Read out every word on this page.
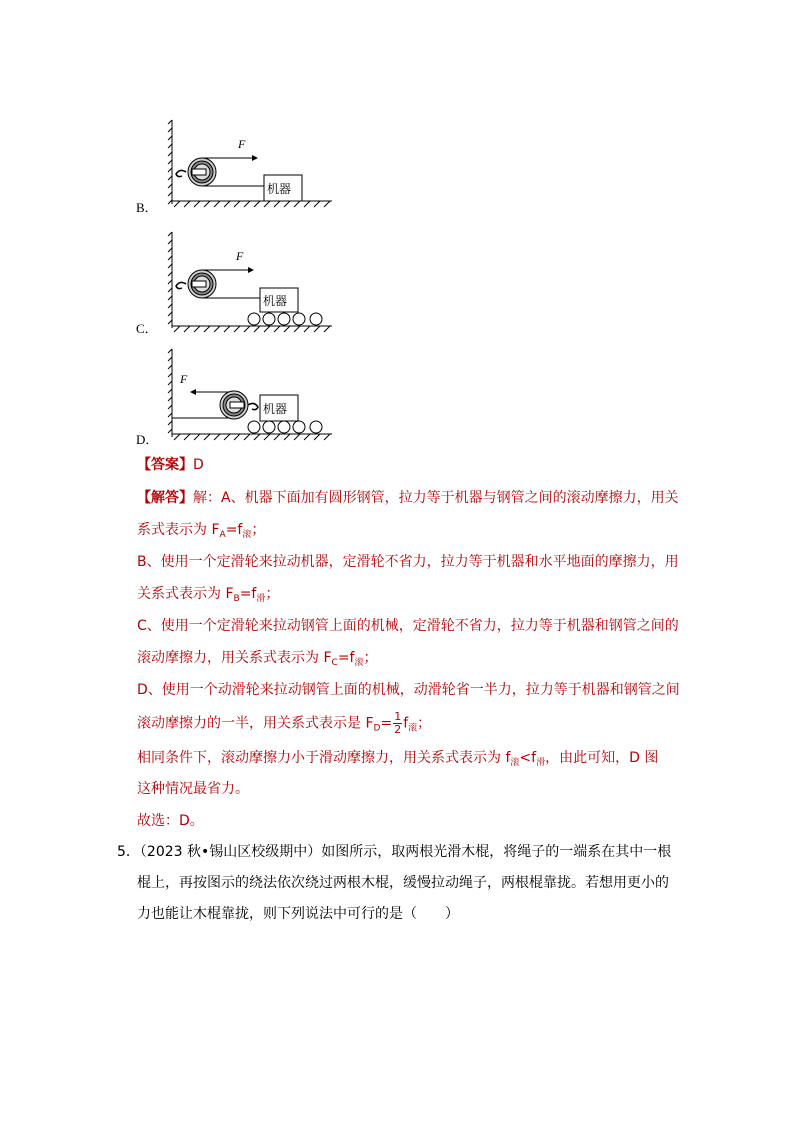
B．
F
机器
C．
F
机器
D．
F
机器
【答案】D
【解答】解：A、机器下面加有圆形钢管，拉力等于机器与钢管之间的滚动摩擦力，用关
系式表示为 $F_A=f_滚$；
B、使用一个定滑轮来拉动机器，定滑轮不省力，拉力等于机器和水平地面的摩擦力，用
关系式表示为 $F_B=f_滑$；
C、使用一个定滑轮来拉动钢管上面的机械，定滑轮不省力，拉力等于机器和钢管之间的
滚动摩擦力，用关系式表示为 $F_C=f_滚$；
D、使用一个动滑轮来拉动钢管上面的机械，动滑轮省一半力，拉力等于机器和钢管之间
滚动摩擦力的一半，用关系式表示是 $F_D= \frac{1}{2} f_滚$；
相同条件下，滚动摩擦力小于滑动摩擦力，用关系式表示为 $f_滚<f_滑$，由此可知，D 图
这种情况最省力。
故选：D。
5．（2023 秋•锡山区校级期中）如图所示，取两根光滑木棍，将绳子的一端系在其中一根
棍上，再按图示的绕法依次绕过两根木棍，缓慢拉动绳子，两根棍靠拢。若想用更小的
力也能让木棍靠拢，则下列说法中可行的是（　　）
